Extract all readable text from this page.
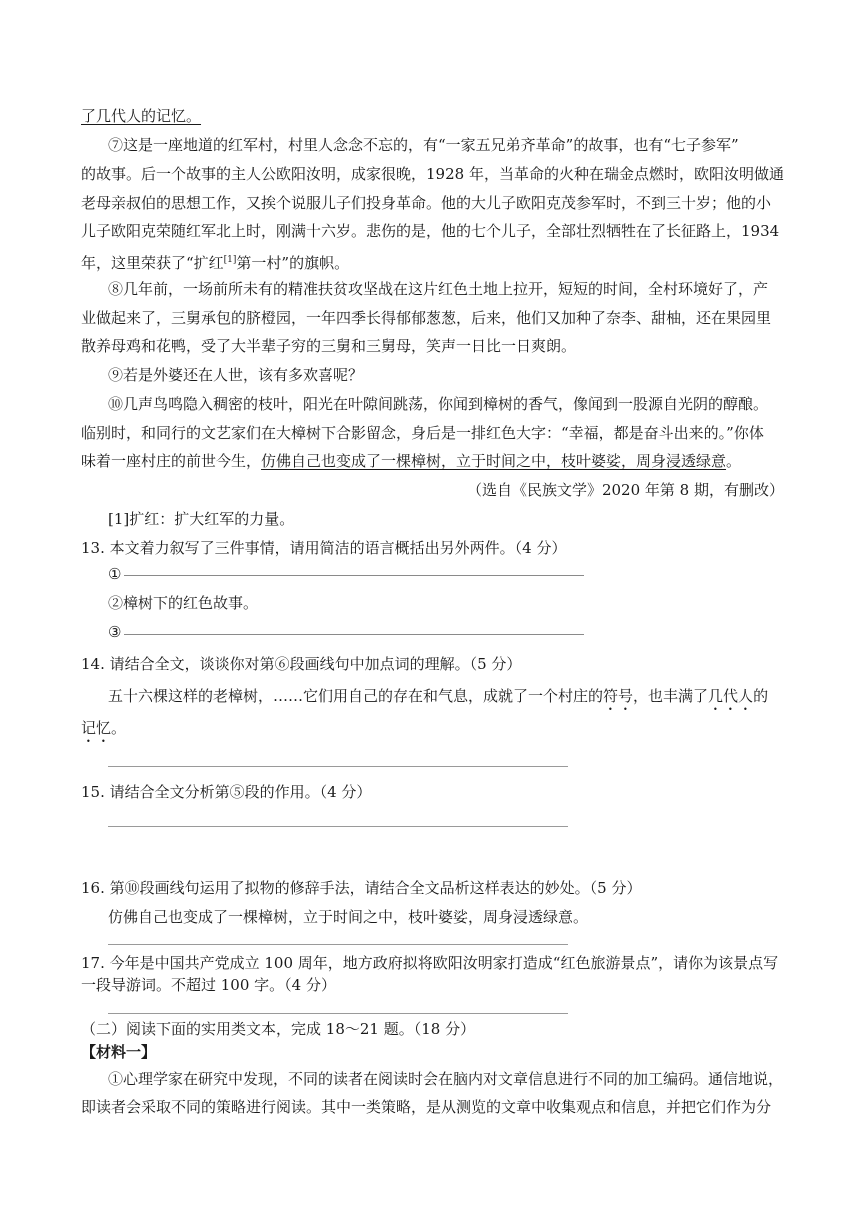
了几代人的记忆。
⑦这是一座地道的红军村，村里人念念不忘的，有“一家五兄弟齐革命”的故事，也有“七子参军”
的故事。后一个故事的主人公欧阳汝明，成家很晚，1928 年，当革命的火种在瑞金点燃时，欧阳汝明做通
老母亲叔伯的思想工作，又挨个说服儿子们投身革命。他的大儿子欧阳克茂参军时，不到三十岁；他的小
儿子欧阳克荣随红军北上时，刚满十六岁。悲伤的是，他的七个儿子，全部壮烈牺牲在了长征路上，1934
年，这里荣获了“扩红[1]第一村”的旗帜。
⑧几年前，一场前所未有的精准扶贫攻坚战在这片红色土地上拉开，短短的时间，全村环境好了，产
业做起来了，三舅承包的脐橙园，一年四季长得郁郁葱葱，后来，他们又加种了奈李、甜柚，还在果园里
散养母鸡和花鸭，受了大半辈子穷的三舅和三舅母，笑声一日比一日爽朗。
⑨若是外婆还在人世，该有多欢喜呢？
⑩几声鸟鸣隐入稠密的枝叶，阳光在叶隙间跳荡，你闻到樟树的香气，像闻到一股源自光阴的醇酿。
临别时，和同行的文艺家们在大樟树下合影留念，身后是一排红色大字：“幸福，都是奋斗出来的。”你体
味着一座村庄的前世今生，仿佛自己也变成了一棵樟树，立于时间之中，枝叶婆娑，周身浸透绿意。
（选自《民族文学》2020 年第 8 期，有删改）
[1]扩红：扩大红军的力量。
13. 本文着力叙写了三件事情，请用简洁的语言概括出另外两件。（4 分）
①
②樟树下的红色故事。
③
14. 请结合全文，谈谈你对第⑥段画线句中加点词的理解。（5 分）
五十六棵这样的老樟树，……它们用自己的存在和气息，成就了一个村庄的符号，也丰满了几代人的
记忆。
15. 请结合全文分析第⑤段的作用。（4 分）
16. 第⑩段画线句运用了拟物的修辞手法，请结合全文品析这样表达的妙处。（5 分）
仿佛自己也变成了一棵樟树，立于时间之中，枝叶婆娑，周身浸透绿意。
17. 今年是中国共产党成立 100 周年，地方政府拟将欧阳汝明家打造成“红色旅游景点”，请你为该景点写
一段导游词。不超过 100 字。（4 分）
（二）阅读下面的实用类文本，完成 18～21 题。（18 分）
【材料一】
①心理学家在研究中发现，不同的读者在阅读时会在脑内对文章信息进行不同的加工编码。通信地说，
即读者会采取不同的策略进行阅读。其中一类策略，是从测览的文章中收集观点和信息，并把它们作为分
